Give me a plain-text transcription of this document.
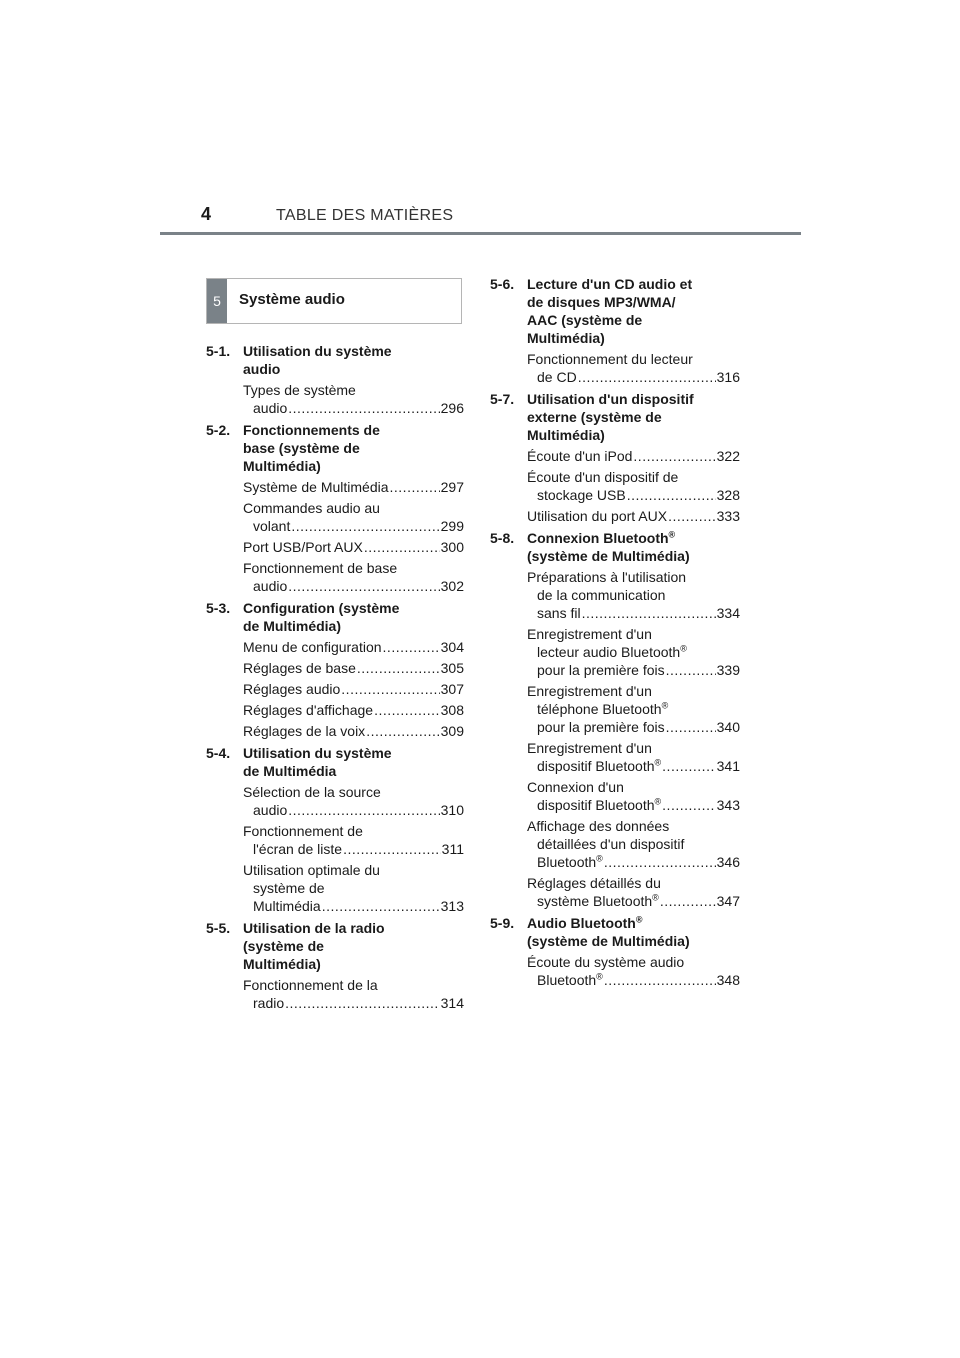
4	TABLE DES MATIÈRES
5	Système audio
5-1. Utilisation du système
audio
Types de système
audio .....	296
5-2. Fonctionnements de
base (système de
Multimédia)
Système de Multimédia .....	297
Commandes audio au
volant .....	299
Port USB/Port AUX .....	300
Fonctionnement de base
audio .....	302
5-3. Configuration (système
de Multimédia)
Menu de configuration .....	304
Réglages de base .....	305
Réglages audio .....	307
Réglages d'affichage .....	308
Réglages de la voix .....	309
5-4. Utilisation du système
de Multimédia
Sélection de la source
audio .....	310
Fonctionnement de
l'écran de liste .....	311
Utilisation optimale du
système de
Multimédia .....	313
5-5. Utilisation de la radio
(système de
Multimédia)
Fonctionnement de la
radio .....	314
5-6. Lecture d'un CD audio et
de disques MP3/WMA/
AAC (système de
Multimédia)
Fonctionnement du lecteur
de CD .....	316
5-7. Utilisation d'un dispositif
externe (système de
Multimédia)
Écoute d'un iPod .....	322
Écoute d'un dispositif de
stockage USB .....	328
Utilisation du port AUX .....	333
5-8. Connexion Bluetooth®
(système de Multimédia)
Préparations à l'utilisation
de la communication
sans fil .....	334
Enregistrement d'un
lecteur audio Bluetooth®
pour la première fois .....	339
Enregistrement d'un
téléphone Bluetooth®
pour la première fois .....	340
Enregistrement d'un
dispositif Bluetooth® .....	341
Connexion d'un
dispositif Bluetooth® .....	343
Affichage des données
détaillées d'un dispositif
Bluetooth® .....	346
Réglages détaillés du
système Bluetooth® .....	347
5-9. Audio Bluetooth®
(système de Multimédia)
Écoute du système audio
Bluetooth® .....	348
